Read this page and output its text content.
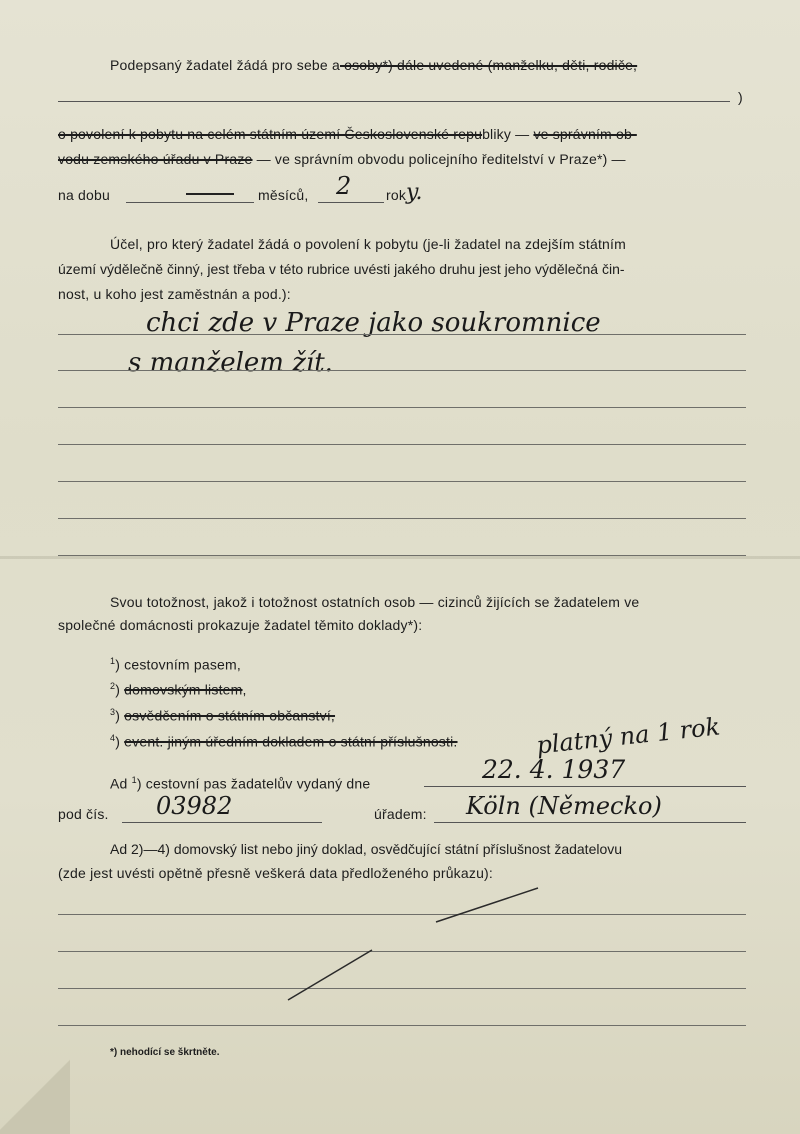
Podepsaný žadatel žádá pro sebe a osoby*) dále uvedené (manželku, děti, rodiče,
)
o povolení k pobytu na celém státním území Československé republiky — ve správním ob-
vodu zemského úřadu v Praze — ve správním obvodu policejního ředitelství v Praze*) —
na dobu	měsíců, 2 rok y.
Účel, pro který žadatel žádá o povolení k pobytu (je-li žadatel na zdejším státním
území výdělečně činný, jest třeba v této rubrice uvésti jakého druhu jest jeho výdělečná čin-
nost, u koho jest zaměstnán a pod.):
chci zde v Praze jako soukromnice
s manželem žít.
Svou totožnost, jakož i totožnost ostatních osob — cizinců žijících se žadatelem ve
společné domácnosti prokazuje žadatel těmito doklady*):
$^1$) cestovním pasem,
$^2$) domovským listem,
$^3$) osvědčením o státním občanství,
$^4$) event. jiným úředním dokladem o státní příslušnosti.	platný na 1 rok
Ad $^1$) cestovní pas žadatelův vydaný dne	22. 4. 1937
pod čís. 03982	úřadem: Köln (Německo)
Ad 2)—4) domovský list nebo jiný doklad, osvědčující státní příslušnost žadatelovu
(zde jest uvésti opětně přesně veškerá data předloženého průkazu):
*) nehodící se škrtněte.
